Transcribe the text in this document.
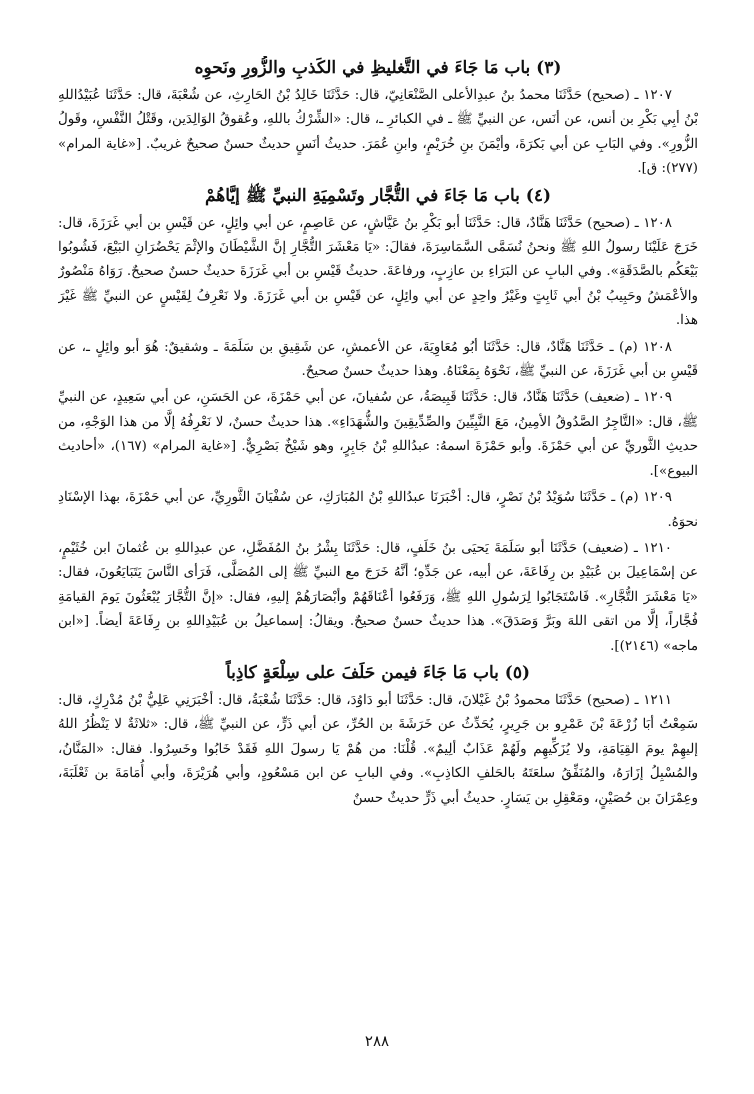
(٣) باب مَا جَاءَ في التَّغليظِ في الكَذبِ والزُّورِ ونَحوِه

١٢٠٧ ـ (صحيح) حَدَّثَنَا محمدُ بنُ عبدِالأعلى الصَّنْعَانِيّ، قال: حَدَّثَنَا خَالِدُ بْنُ الحَارِثِ، عن شُعْبَةَ، قال: حَدَّثَنَا عُبَيْدُاللهِ بْنُ أبِي بَكْرِ بن أنس، عن أنَس، عن النبيِّ ﷺ ـ في الكبائرِ ـ، قال: «الشِّرْكُ باللهِ، وعُقوقُ الوَالِدَين، وقَتْلُ النَّفْسِ، وقَولُ الزُّورِ». وفي البَابِ عن أبي بَكرَةَ، وأيْمَنَ بنِ خُرَيْمٍ، وابنِ عُمَرَ. حديثُ أنَسٍ حديثٌ حسنٌ صحيحٌ غريبٌ. [«غاية المرام» (٢٧٧): ق].

(٤) باب مَا جَاءَ في التُّجَّار وتَسْمِيَةِ النبيِّ ﷺ إيَّاهُمْ

١٢٠٨ ـ (صحيح) حَدَّثَنَا هَنَّادٌ، قال: حَدَّثَنَا أبو بَكْرِ بنُ عَيَّاشٍ، عن عَاصِمٍ، عن أبي وائِلٍ، عن قَيْسِ بن أبي غَرَزَةَ، قال: خَرَجَ عَلَيْنَا رسولُ اللهِ ﷺ ونحنُ نُسَمَّى السَّمَاسِرَةَ، فقالَ: «يَا مَعْشَرَ التُّجَّارِ إنَّ الشَّيْطَانَ والإثْمَ يَحْضُرَانِ البَيْعَ، فَشُوبُوا بَيْعَكُم بالصَّدَقَةِ». وفي البابِ عن البَرَاءِ بن عازِبٍ، ورفاعَةَ. حديثُ قَيْسِ بن أبي غَرَزَةَ حديثٌ حسنٌ صحيحٌ. رَوَاهُ مَنْصُورٌ والأعْمَشُ وحَبِيبُ بْنُ أبي ثَابِتٍ وغَيْرُ واحِدٍ عن أبي وائِلٍ، عن قَيْسِ بن أبي غَرَزَةَ. ولا نَعْرِفُ لِقَيْسٍ عن النبيِّ ﷺ غَيْرَ هذا.

١٢٠٨ (م) ـ حَدَّثَنَا هَنَّادٌ، قال: حَدَّثَنَا أبُو مُعَاوِيَةَ، عن الأعمشِ، عن شَقِيقِ بن سَلَمَةَ ـ وشقيقٌ: هُوَ أبو وائِلٍ ـ، عن قَيْسِ بن أبي غَرَزَةَ، عن النبيِّ ﷺ، نَحْوَهُ بِمَعْنَاهُ. وهذا حديثٌ حسنٌ صحيحٌ.

١٢٠٩ ـ (ضعيف) حَدَّثَنَا هَنَّادٌ، قال: حَدَّثَنَا قَبِيصَةُ، عن سُفيانَ، عن أبي حَمْزَةَ، عن الحَسَنِ، عن أبي سَعِيدٍ، عن النبيِّ ﷺ، قال: «التَّاجِرُ الصَّدُوقُ الأمِينُ، مَعَ النَّبِيِّينَ والصِّدِّيقِينَ والشُّهَدَاءِ». هذا حديثٌ حسنٌ، لا نَعْرِفُهُ إلَّا من هذا الوَجْهِ، من حديثِ الثَّوريِّ عن أبي حَمْزَةَ. وأبو حَمْزَةَ اسمهُ: عبدُاللهِ بْنُ جَابِرٍ، وهو شَيْخٌ بَصْرِيٌّ. [«غاية المرام» (١٦٧)، «أحاديث البيوع»].

١٢٠٩ (م) ـ حَدَّثَنَا سُوَيْدُ بْنُ نَصْرٍ، قال: أخْبَرَنَا عبدُاللهِ بْنُ المُبَارَكِ، عن سُفْيَانَ الثَّورِيِّ، عن أبي حَمْزَةَ، بهذا الإسْنَادِ نحوَهُ.

١٢١٠ ـ (ضعيف) حَدَّثَنَا أبو سَلَمَةَ يَحيَى بنُ خَلَفٍ، قال: حَدَّثَنَا بِشْرُ بنُ المُفَضَّلِ، عن عبدِاللهِ بن عُثمانَ ابن خُثَيْمٍ، عن إسْمَاعِيلَ بن عُبَيْدِ بن رِفَاعَةَ، عن أبيه، عن جَدِّهِ؛ أنَّهُ خَرَجَ مع النبيِّ ﷺ إلى المُصَلَّى، فَرَأى النَّاسَ يَتَبَايَعُونَ، فقال: «يَا مَعْشَرَ التُّجَّارِ». فَاسْتَجَابُوا لِرَسُولِ اللهِ ﷺ، وَرَفَعُوا أعْنَاقَهُمْ وأبْصَارَهُمْ إليهِ، فقال: «إنَّ التُّجَّارَ يُبْعَثُونَ يَومَ القيامَةِ فُجَّاراً، إلَّا من اتقى اللهَ وبَرَّ وَصَدَقَ». هذا حديثٌ حسنٌ صحيحٌ. ويقالُ: إسماعيلُ بن عُبَيْدِاللهِ بن رِفَاعَةَ أيضاً. [«ابن ماجه» (٢١٤٦)].

(٥) باب مَا جَاءَ فيمن حَلَفَ على سِلْعَةٍ كاذِباً

١٢١١ ـ (صحيح) حَدَّثَنَا محمودُ بْنُ غَيْلانَ، قال: حَدَّثَنَا أبو دَاوُدَ، قال: حَدَّثَنَا شُعْبَةُ، قال: أخْبَرَنِي عَلِيُّ بْنُ مُدْرِكٍ، قال: سَمِعْتُ أبَا زُرْعَةَ بْنَ عَمْرِو بن جَرِيرٍ، يُحَدِّثُ عن خَرَشَةَ بن الحُرِّ، عن أبي ذَرٍّ، عن النبيِّ ﷺ، قال: «ثلاثَةٌ لا يَنْظُرُ اللهُ إليهِمْ يومَ القِيَامَةِ، ولا يُزَكِّيهِم ولَهُمْ عَذَابٌ ألِيمٌ». قُلْنَا: من هُمْ يَا رسولَ اللهِ فَقَدْ خَابُوا وخَسِرُوا. فقال: «المَنَّانُ، والمُسْبِلُ إزَارَهُ، والمُنَفِّقُ سلعَتَهُ بالحَلفِ الكاذِبِ». وفي البابِ عن ابن مَسْعُودٍ، وأبي هُرَيْرَةَ، وأبي أُمَامَةَ بن ثَعْلَبَةَ، وعِمْرَانَ بن حُصَيْنٍ، ومَعْقِلِ بن يَسَارٍ. حديثُ أبي ذَرٍّ حديثٌ حسنٌ

٢٨٨
